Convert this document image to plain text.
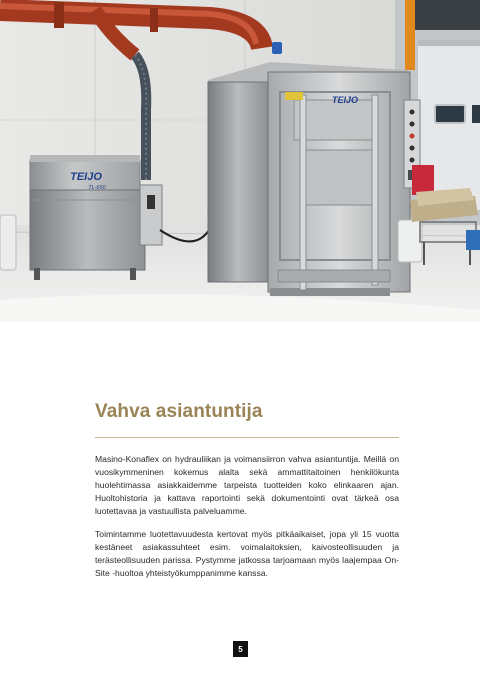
TEIJO
TL-650
TEIJO
Vahva asiantuntija

Masino-Konaflex on hydrauliikan ja voimansiirron vahva asiantuntija. Meillä on vuosikymmeninen kokemus alalta sekä ammattitaitoinen henkilökunta huolehtimassa asiakkaidemme tarpeista tuotteiden koko elinkaaren ajan. Huoltohistoria ja kattava raportointi sekä dokumentointi ovat tärkeä osa luotettavaa ja vastuullista palveluamme.

Toimintamme luotettavuudesta kertovat myös pitkäaikaiset, jopa yli 15 vuotta kestäneet asiakassuhteet esim. voimalaitoksien, kaivosteollisuuden ja terästeollisuuden parissa. Pystymme jatkossa tarjoamaan myös laajempaa On-Site -huoltoa yhteistyökumppanimme kanssa.

5
